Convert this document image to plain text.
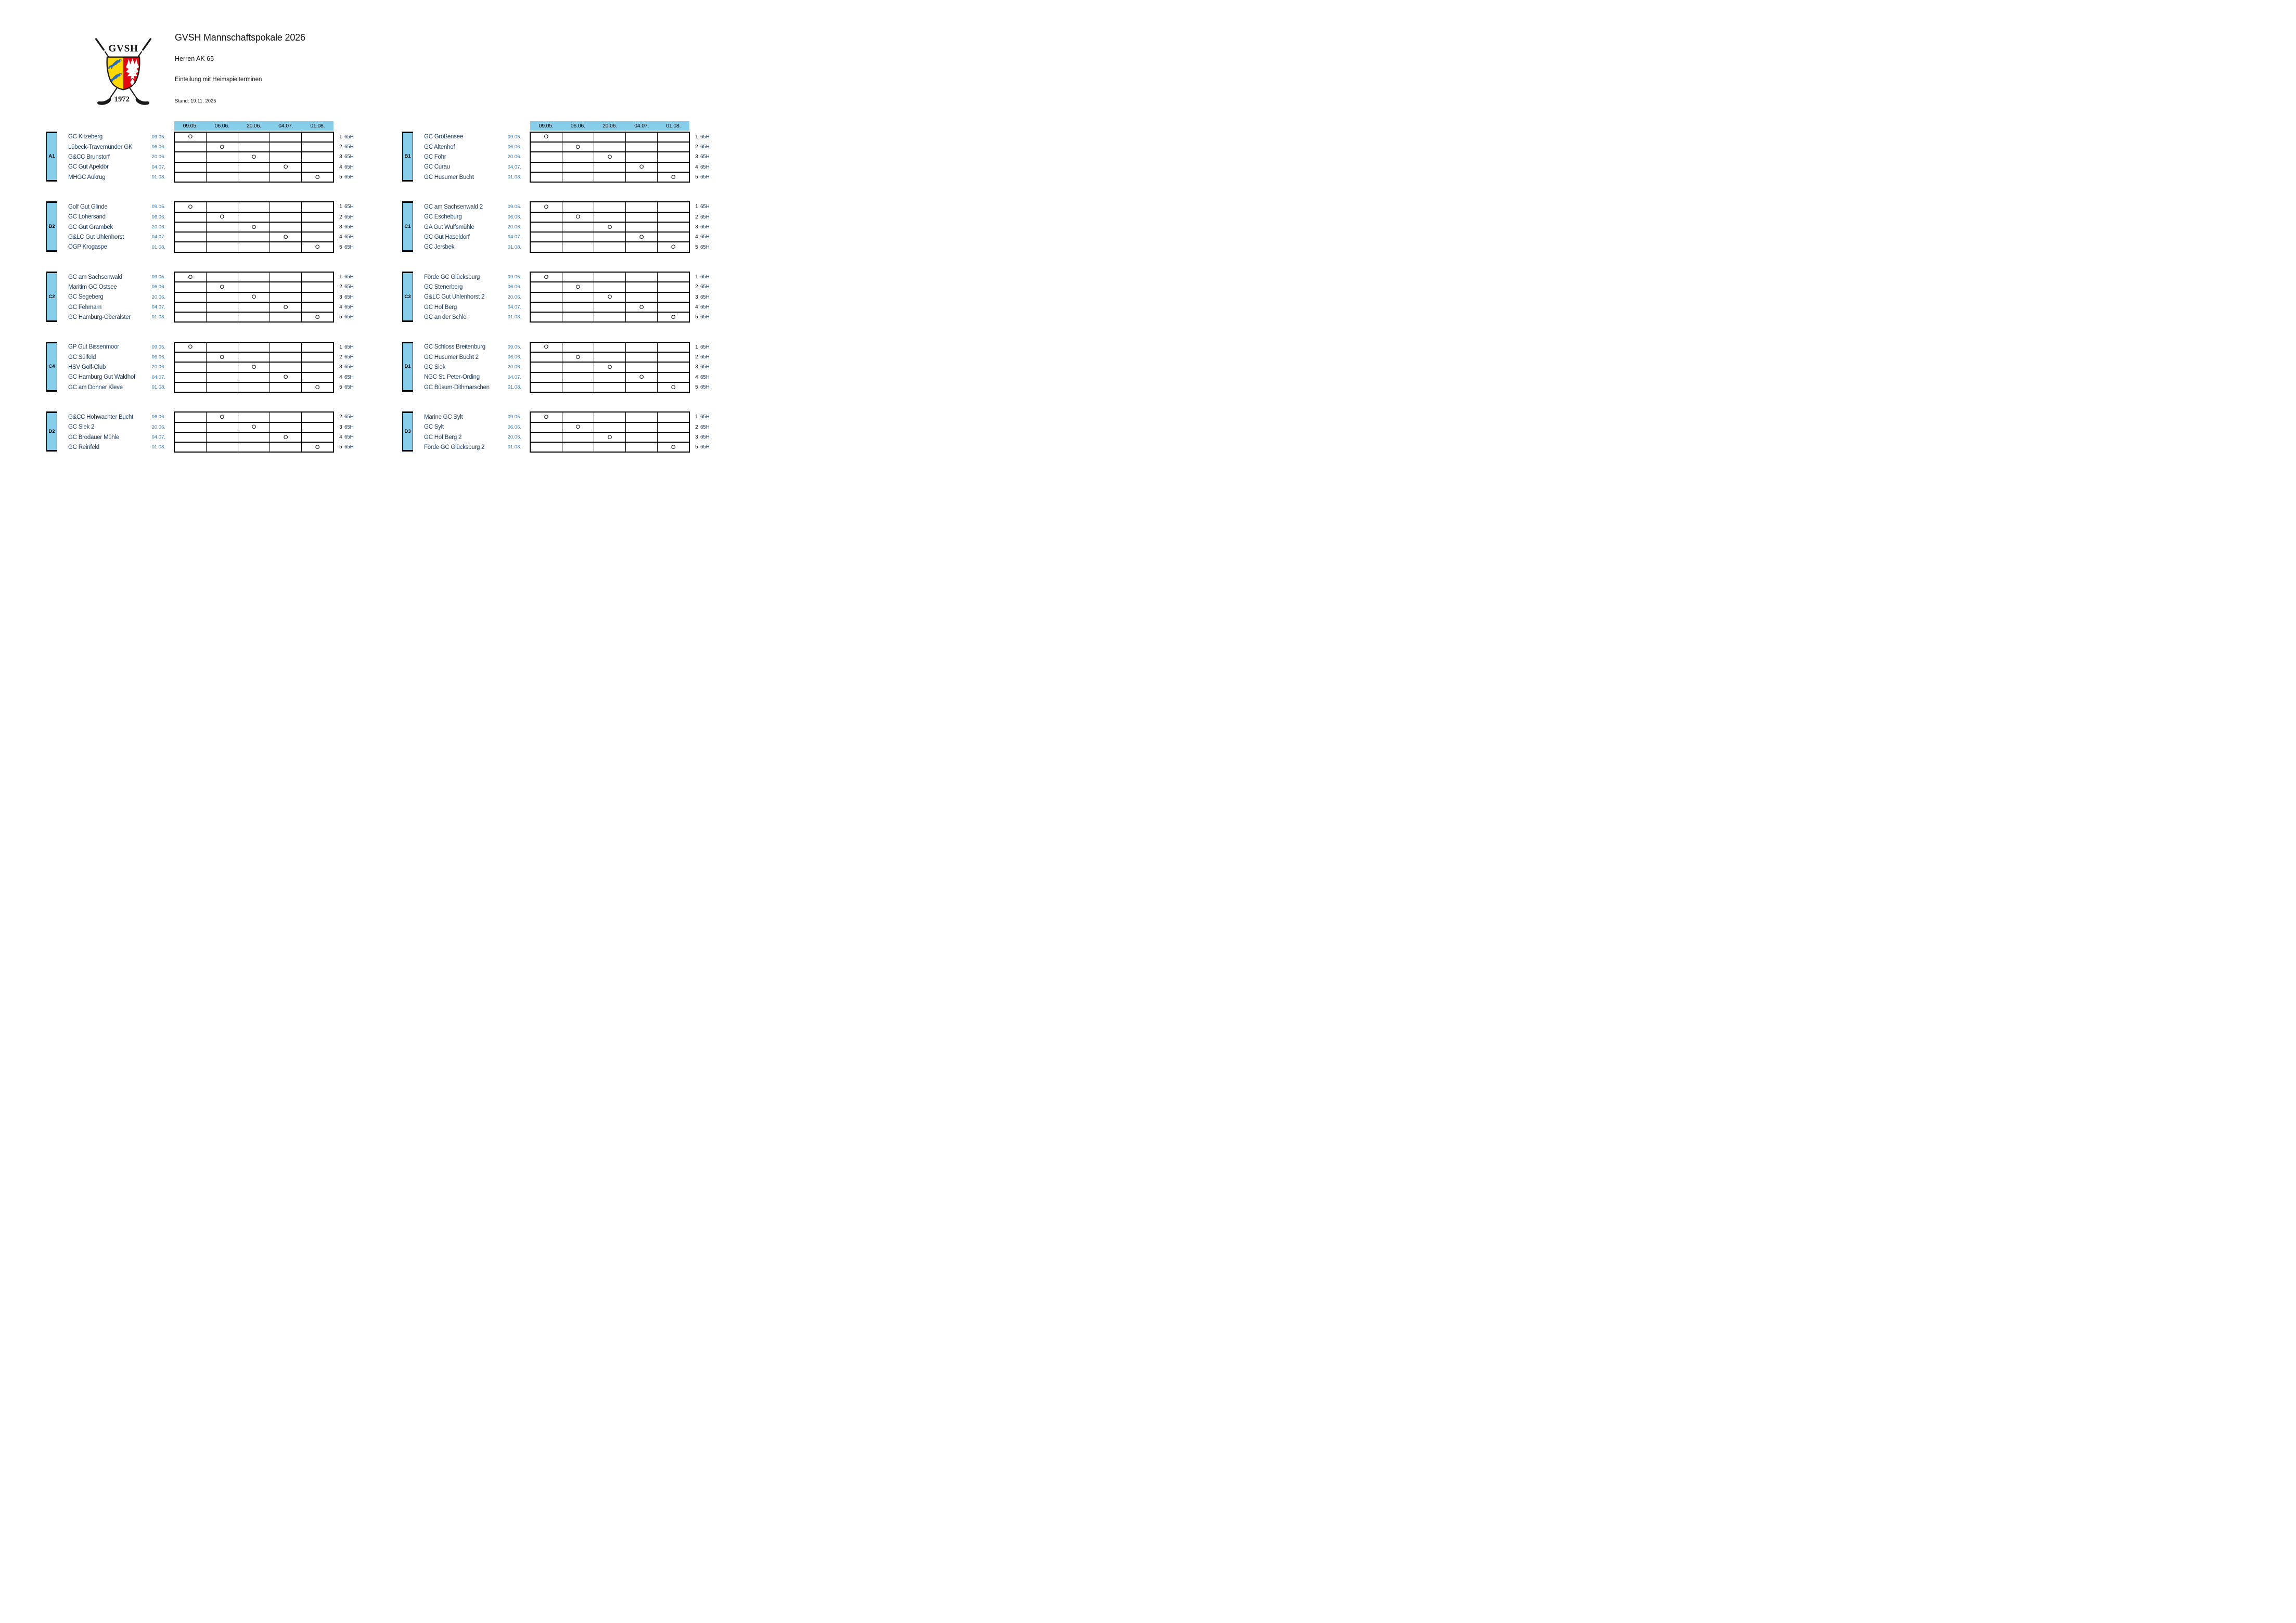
GVSH
1972
GVSH Mannschaftspokale 2026
Herren AK 65
Einteilung mit Heimspielterminen
Stand: 19.11. 2025
09.05.	06.06.	20.06.	04.07.	01.08.
A1
GC Kitzeberg	09.05.		O						1	65H
Lübeck-Travemünder GK	06.06.			O					2	65H
G&CC Brunstorf	20.06.				O				3	65H
GC Gut Apeldör	04.07.					O			4	65H
MHGC Aukrug	01.08.						O		5	65H
09.05.	06.06.	20.06.	04.07.	01.08.
B1
GC Großensee	09.05.		O						1	65H
GC Altenhof	06.06.			O					2	65H
GC Föhr	20.06.				O				3	65H
GC Curau	04.07.					O			4	65H
GC Husumer Bucht	01.08.						O		5	65H
B2
Golf Gut Glinde	09.05.		O						1	65H
GC Lohersand	06.06.			O					2	65H
GC Gut Grambek	20.06.				O				3	65H
G&LC Gut Uhlenhorst	04.07.					O			4	65H
ÖGP Krogaspe	01.08.						O		5	65H
C1
GC am Sachsenwald 2	09.05.		O						1	65H
GC Escheburg	06.06.			O					2	65H
GA Gut Wulfsmühle	20.06.				O				3	65H
GC Gut Haseldorf	04.07.					O			4	65H
GC Jersbek	01.08.						O		5	65H
C2
GC am Sachsenwald	09.05.		O						1	65H
Maritim GC Ostsee	06.06.			O					2	65H
GC Segeberg	20.06.				O				3	65H
GC Fehmarn	04.07.					O			4	65H
GC Hamburg-Oberalster	01.08.						O		5	65H
C3
Förde GC Glücksburg	09.05.		O						1	65H
GC Stenerberg	06.06.			O					2	65H
G&LC Gut Uhlenhorst 2	20.06.				O				3	65H
GC Hof Berg	04.07.					O			4	65H
GC an der Schlei	01.08.						O		5	65H
C4
GP Gut Bissenmoor	09.05.		O						1	65H
GC Sülfeld	06.06.			O					2	65H
HSV Golf-Club	20.06.				O				3	65H
GC Hamburg Gut Waldhof	04.07.					O			4	65H
GC am Donner Kleve	01.08.						O		5	65H
D1
GC Schloss Breitenburg	09.05.		O						1	65H
GC Husumer Bucht 2	06.06.			O					2	65H
GC Siek	20.06.				O				3	65H
NGC St. Peter-Ording	04.07.					O			4	65H
GC Büsum-Dithmarschen	01.08.						O		5	65H
D2
G&CC Hohwachter Bucht	06.06.			O					2	65H
GC Siek 2	20.06.				O				3	65H
GC Brodauer Mühle	04.07.					O			4	65H
GC Reinfeld	01.08.						O		5	65H
D3
Marine GC Sylt	09.05.		O						1	65H
GC Sylt	06.06.			O					2	65H
GC Hof Berg 2	20.06.				O				3	65H
Förde GC Glücksburg 2	01.08.						O		5	65H
